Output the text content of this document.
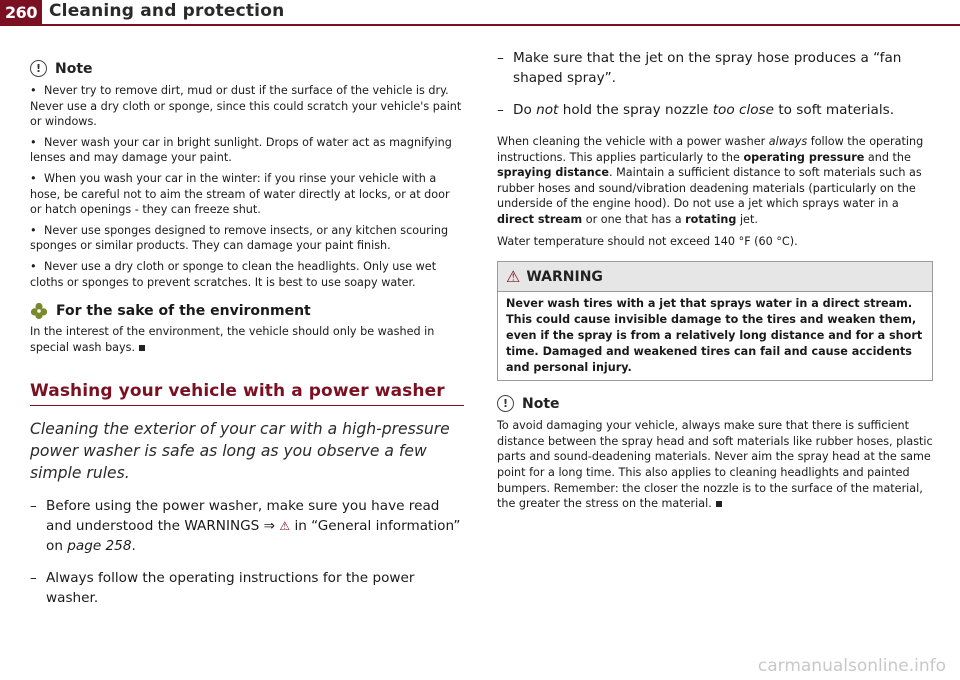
260 Cleaning and protection
! Note

• Never try to remove dirt, mud or dust if the surface of the vehicle is dry. Never use a dry cloth or sponge, since this could scratch your vehicle's paint or windows.

• Never wash your car in bright sunlight. Drops of water act as magnifying lenses and may damage your paint.

• When you wash your car in the winter: if you rinse your vehicle with a hose, be careful not to aim the stream of water directly at locks, or at door or hatch openings - they can freeze shut.

• Never use sponges designed to remove insects, or any kitchen scouring sponges or similar products. They can damage your paint finish.

• Never use a dry cloth or sponge to clean the headlights. Only use wet cloths or sponges to prevent scratches. It is best to use soapy water.

For the sake of the environment

In the interest of the environment, the vehicle should only be washed in special wash bays.

Washing your vehicle with a power washer
Cleaning the exterior of your car with a high-pressure power washer is safe as long as you observe a few simple rules.
– Before using the power washer, make sure you have read and understood the WARNINGS ⇒ ⚠ in “General information” on page 258.
– Always follow the operating instructions for the power washer.
– Make sure that the jet on the spray hose produces a “fan shaped spray”.
– Do not hold the spray nozzle too close to soft materials.

When cleaning the vehicle with a power washer always follow the operating instructions. This applies particularly to the operating pressure and the spraying distance. Maintain a sufficient distance to soft materials such as rubber hoses and sound/vibration deadening materials (particularly on the underside of the engine hood). Do not use a jet which sprays water in a direct stream or one that has a rotating jet.

Water temperature should not exceed 140 °F (60 °C).

⚠ WARNING
Never wash tires with a jet that sprays water in a direct stream. This could cause invisible damage to the tires and weaken them, even if the spray is from a relatively long distance and for a short time. Damaged and weakened tires can fail and cause accidents and personal injury.
! Note

To avoid damaging your vehicle, always make sure that there is sufficient distance between the spray head and soft materials like rubber hoses, plastic parts and sound-deadening materials. Never aim the spray head at the same point for a long time. This also applies to cleaning headlights and painted bumpers. Remember: the closer the nozzle is to the surface of the material, the greater the stress on the material.

carmanualsonline.info
